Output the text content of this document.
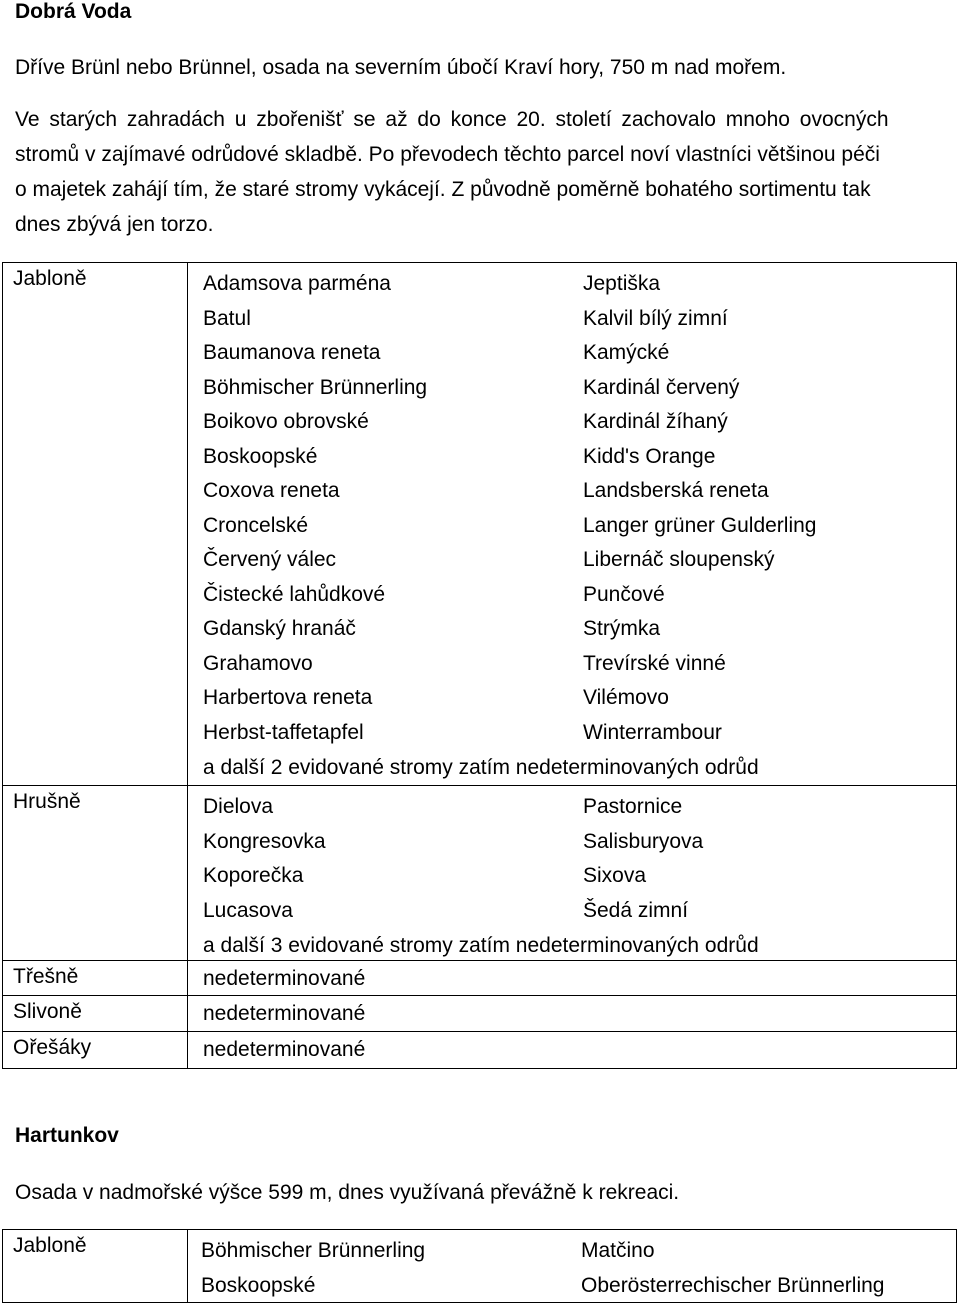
Dobrá Voda

Dříve Brünl nebo Brünnel, osada na severním úbočí Kraví hory, 750 m nad mořem.

Ve starých zahradách u zbořenišť se až do konce 20. století zachovalo mnoho ovocných
stromů v zajímavé odrůdové skladbě. Po převodech těchto parcel noví vlastníci většinou péči
o majetek zahájí tím, že staré stromy vykácejí. Z původně poměrně bohatého sortimentu tak
dnes zbývá jen torzo.
Jabloně	Adamsova parména	Jeptiška
Batul	Kalvil bílý zimní
Baumanova reneta	Kamýcké
Böhmischer Brünnerling	Kardinál červený
Boikovo obrovské	Kardinál žíhaný
Boskoopské	Kidd's Orange
Coxova reneta	Landsberská reneta
Croncelské	Langer grüner Gulderling
Červený válec	Libernáč sloupenský
Čistecké lahůdkové	Punčové
Gdanský hranáč	Strýmka
Grahamovo	Trevírské vinné
Harbertova reneta	Vilémovo
Herbst-taffetapfel	Winterrambour
a další 2 evidované stromy zatím nedeterminovaných odrůd
Hrušně	Dielova	Pastornice
Kongresovka	Salisburyova
Koporečka	Sixova
Lucasova	Šedá zimní
a další 3 evidované stromy zatím nedeterminovaných odrůd
Třešně	nedeterminované
Slivoně	nedeterminované
Ořešáky	nedeterminované
Hartunkov

Osada v nadmořské výšce 599 m, dnes využívaná převážně k rekreaci.

Jabloně	Böhmischer Brünnerling	Matčino
Boskoopské	Oberösterrechischer Brünnerling
